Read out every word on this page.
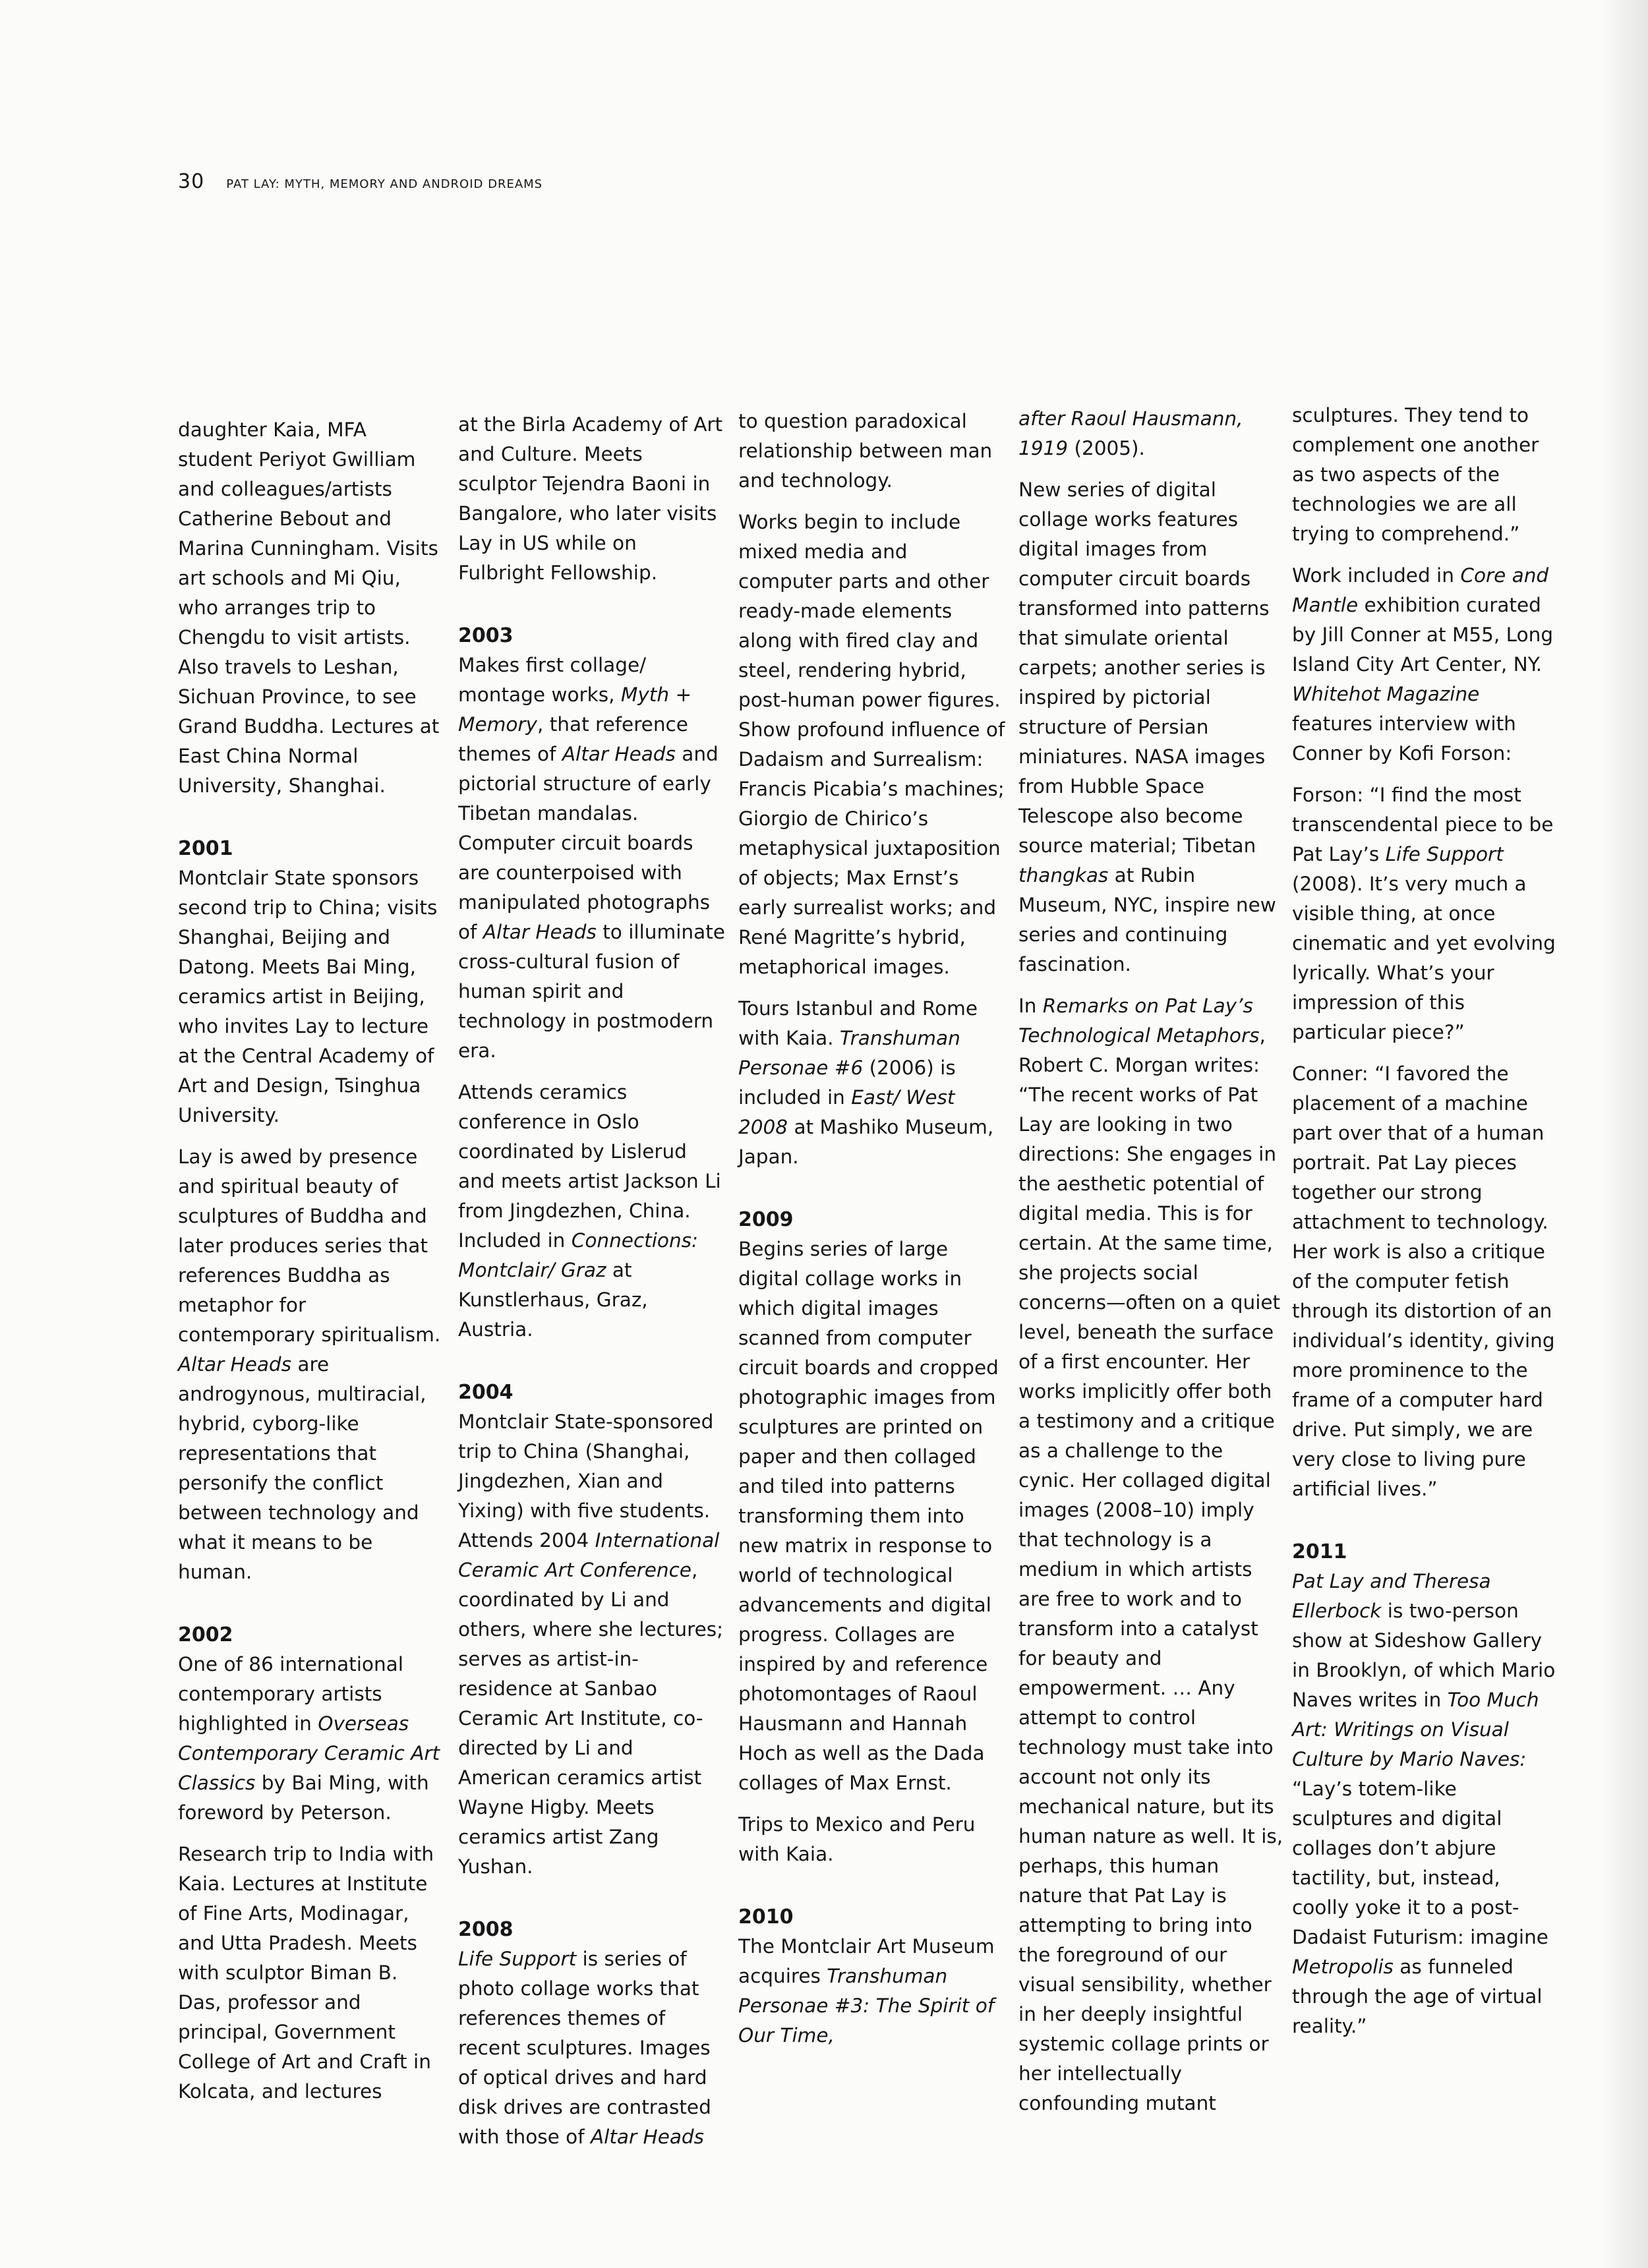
30 PAT LAY: MYTH, MEMORY AND ANDROID DREAMS

daughter Kaia, MFA student Periyot Gwilliam and colleagues/artists Catherine Bebout and Marina Cunningham. Visits art schools and Mi Qiu, who arranges trip to Chengdu to visit artists. Also travels to Leshan, Sichuan Province, to see Grand Buddha. Lectures at East China Normal University, Shanghai.

2001

Montclair State sponsors second trip to China; visits Shanghai, Beijing and Datong. Meets Bai Ming, ceramics artist in Beijing, who invites Lay to lecture at the Central Academy of Art and Design, Tsinghua University.

Lay is awed by presence and spiritual beauty of sculptures of Buddha and later produces series that references Buddha as metaphor for contemporary spiritualism. Altar Heads are androgynous, multiracial, hybrid, cyborg-like representations that personify the conflict between technology and what it means to be human.

2002

One of 86 international contemporary artists highlighted in Overseas Contemporary Ceramic Art Classics by Bai Ming, with foreword by Peterson.

Research trip to India with Kaia. Lectures at Institute of Fine Arts, Modinagar, and Utta Pradesh. Meets with sculptor Biman B. Das, professor and principal, Government College of Art and Craft in Kolcata, and lectures

at the Birla Academy of Art and Culture. Meets sculptor Tejendra Baoni in Bangalore, who later visits Lay in US while on Fulbright Fellowship.

2003

Makes first collage/ montage works, Myth + Memory, that reference themes of Altar Heads and pictorial structure of early Tibetan mandalas. Computer circuit boards are counterpoised with manipulated photographs of Altar Heads to illuminate cross-cultural fusion of human spirit and technology in postmodern era.

Attends ceramics conference in Oslo coordinated by Lislerud and meets artist Jackson Li from Jingdezhen, China. Included in Connections: Montclair/ Graz at Kunstlerhaus, Graz, Austria.

2004

Montclair State-sponsored trip to China (Shanghai, Jingdezhen, Xian and Yixing) with five students. Attends 2004 International Ceramic Art Conference, coordinated by Li and others, where she lectures; serves as artist-in-residence at Sanbao Ceramic Art Institute, co-directed by Li and American ceramics artist Wayne Higby. Meets ceramics artist Zang Yushan.

2008

Life Support is series of photo collage works that references themes of recent sculptures. Images of optical drives and hard disk drives are contrasted with those of Altar Heads

to question paradoxical relationship between man and technology.

Works begin to include mixed media and computer parts and other ready-made elements along with fired clay and steel, rendering hybrid, post-human power figures. Show profound influence of Dadaism and Surrealism: Francis Picabia’s machines; Giorgio de Chirico’s metaphysical juxtaposition of objects; Max Ernst’s early surrealist works; and René Magritte’s hybrid, metaphorical images.

Tours Istanbul and Rome with Kaia. Transhuman Personae #6 (2006) is included in East/ West 2008 at Mashiko Museum, Japan.

2009

Begins series of large digital collage works in which digital images scanned from computer circuit boards and cropped photographic images from sculptures are printed on paper and then collaged and tiled into patterns transforming them into new matrix in response to world of technological advancements and digital progress. Collages are inspired by and reference photomontages of Raoul Hausmann and Hannah Hoch as well as the Dada collages of Max Ernst.

Trips to Mexico and Peru with Kaia.

2010

The Montclair Art Museum acquires Transhuman Personae #3: The Spirit of Our Time,

after Raoul Hausmann, 1919 (2005).

New series of digital collage works features digital images from computer circuit boards transformed into patterns that simulate oriental carpets; another series is inspired by pictorial structure of Persian miniatures. NASA images from Hubble Space Telescope also become source material; Tibetan thangkas at Rubin Museum, NYC, inspire new series and continuing fascination.

In Remarks on Pat Lay’s Technological Metaphors, Robert C. Morgan writes: “The recent works of Pat Lay are looking in two directions: She engages in the aesthetic potential of digital media. This is for certain. At the same time, she projects social concerns—often on a quiet level, beneath the surface of a first encounter. Her works implicitly offer both a testimony and a critique as a challenge to the cynic. Her collaged digital images (2008–10) imply that technology is a medium in which artists are free to work and to transform into a catalyst for beauty and empowerment. … Any attempt to control technology must take into account not only its mechanical nature, but its human nature as well. It is, perhaps, this human nature that Pat Lay is attempting to bring into the foreground of our visual sensibility, whether in her deeply insightful systemic collage prints or her intellectually confounding mutant

sculptures. They tend to complement one another as two aspects of the technologies we are all trying to comprehend.”

Work included in Core and Mantle exhibition curated by Jill Conner at M55, Long Island City Art Center, NY. Whitehot Magazine features interview with Conner by Kofi Forson:

Forson: “I find the most transcendental piece to be Pat Lay’s Life Support (2008). It’s very much a visible thing, at once cinematic and yet evolving lyrically. What’s your impression of this particular piece?”

Conner: “I favored the placement of a machine part over that of a human portrait. Pat Lay pieces together our strong attachment to technology. Her work is also a critique of the computer fetish through its distortion of an individual’s identity, giving more prominence to the frame of a computer hard drive. Put simply, we are very close to living pure artificial lives.”

2011

Pat Lay and Theresa Ellerbock is two-person show at Sideshow Gallery in Brooklyn, of which Mario Naves writes in Too Much Art: Writings on Visual Culture by Mario Naves: “Lay’s totem-like sculptures and digital collages don’t abjure tactility, but, instead, coolly yoke it to a post-Dadaist Futurism: imagine Metropolis as funneled through the age of virtual reality.”
